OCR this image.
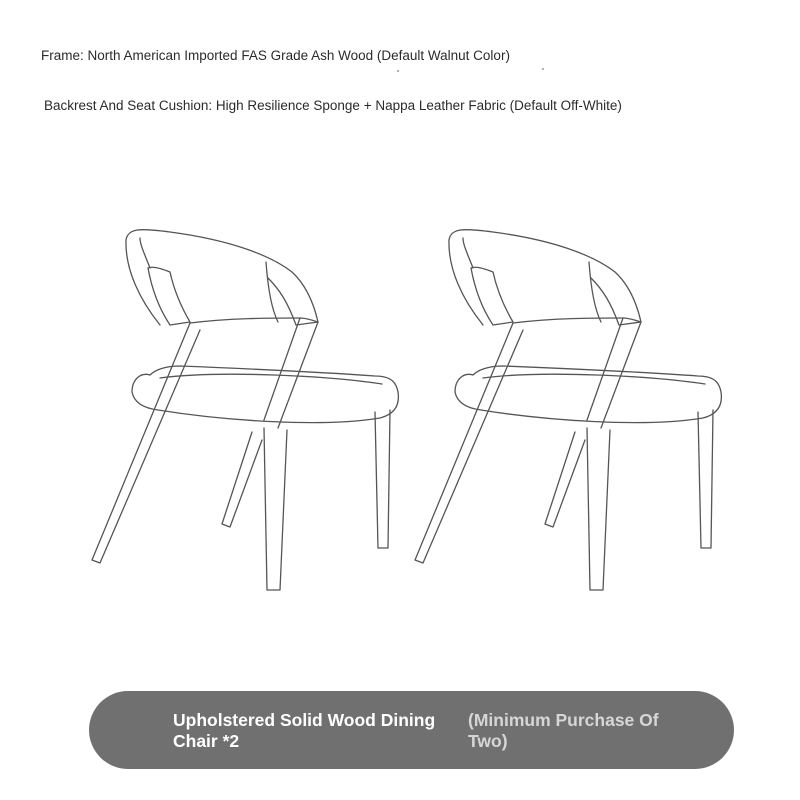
Frame: North American Imported FAS Grade Ash Wood (Default Walnut Color)
Backrest And Seat Cushion: High Resilience Sponge + Nappa Leather Fabric (Default Off-White)
Upholstered Solid Wood Dining Chair *2
(Minimum Purchase Of Two)
